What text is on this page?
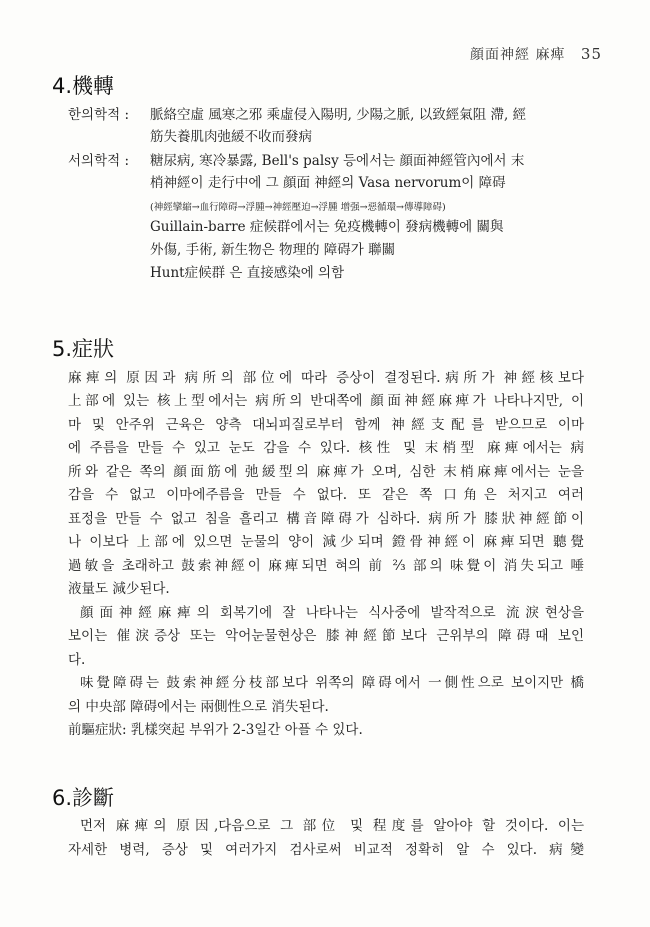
顔面神經 麻痺 35
4.機轉
한의학적 :	脈絡空虛 風寒之邪 乘虛侵入陽明, 少陽之脈, 以致經氣阻 滯, 經
筋失養肌肉弛緩不收而發病
서의학적 :	糖尿病, 寒冷暴露, Bell's palsy 등에서는 顔面神經管內에서 末
梢神經이 走行中에 그 顔面 神經의 Vasa nervorum이 障碍
(神經攣縮→血行障碍→浮腫→神經壓迫→浮腫 增强→惡循環→傳導障碍)
Guillain-barre 症候群에서는 免疫機轉이 發病機轉에 關與
外傷, 手術, 新生物은 物理的 障碍가 聯關
Hunt症候群 은 直接感染에 의함
5.症狀
麻痺의 原因과 病所의 部位에 따라 증상이 결정된다.病所가 神經核보다
上部에 있는 核上型에서는 病所의 반대쪽에 顔面神經麻痺가 나타나지만, 이
마 및 안주위 근육은 양측 대뇌피질로부터 함께 神經支配를 받으므로 이마
에 주름을 만들 수 있고 눈도 감을 수 있다. 核性 및 末梢型 麻痺에서는 病
所와 같은 쪽의 顔面筋에 弛緩型의 麻痺가 오며, 심한 末梢麻痺에서는 눈을
감을 수 없고 이마에주름을 만들 수 없다. 또 같은 쪽 口角은 처지고 여러
표정을 만들 수 없고 침을 흘리고 構音障碍가 심하다. 病所가 膝狀神經節이
나 이보다 上部에 있으면 눈물의 양이 減少되며 鐙骨神經이 麻痺되면 聽覺
過敏을 초래하고 鼓索神經이 麻痺되면 혀의 前 ⅔ 部의 味覺이 消失되고 唾
液量도 減少된다.
顔面神經麻痺의 회복기에 잘 나타나는 식사중에 발작적으로 流淚현상을
보이는 催淚증상 또는 악어눈물현상은 膝神經節보다 근위부의 障碍때 보인
다.
味覺障碍는 鼓索神經分枝部보다 위쪽의 障碍에서 一側性으로 보이지만 橋
의 中央部 障碍에서는 兩側性으로 消失된다.
前驅症狀: 乳樣突起 부위가 2-3일간 아플 수 있다.
6.診斷
먼저 麻痺의 原因,다음으로 그 部位 및 程度를 알아야 할 것이다. 이는
자세한 병력, 증상 및 여러가지 검사로써 비교적 정확히 알 수 있다. 病變
